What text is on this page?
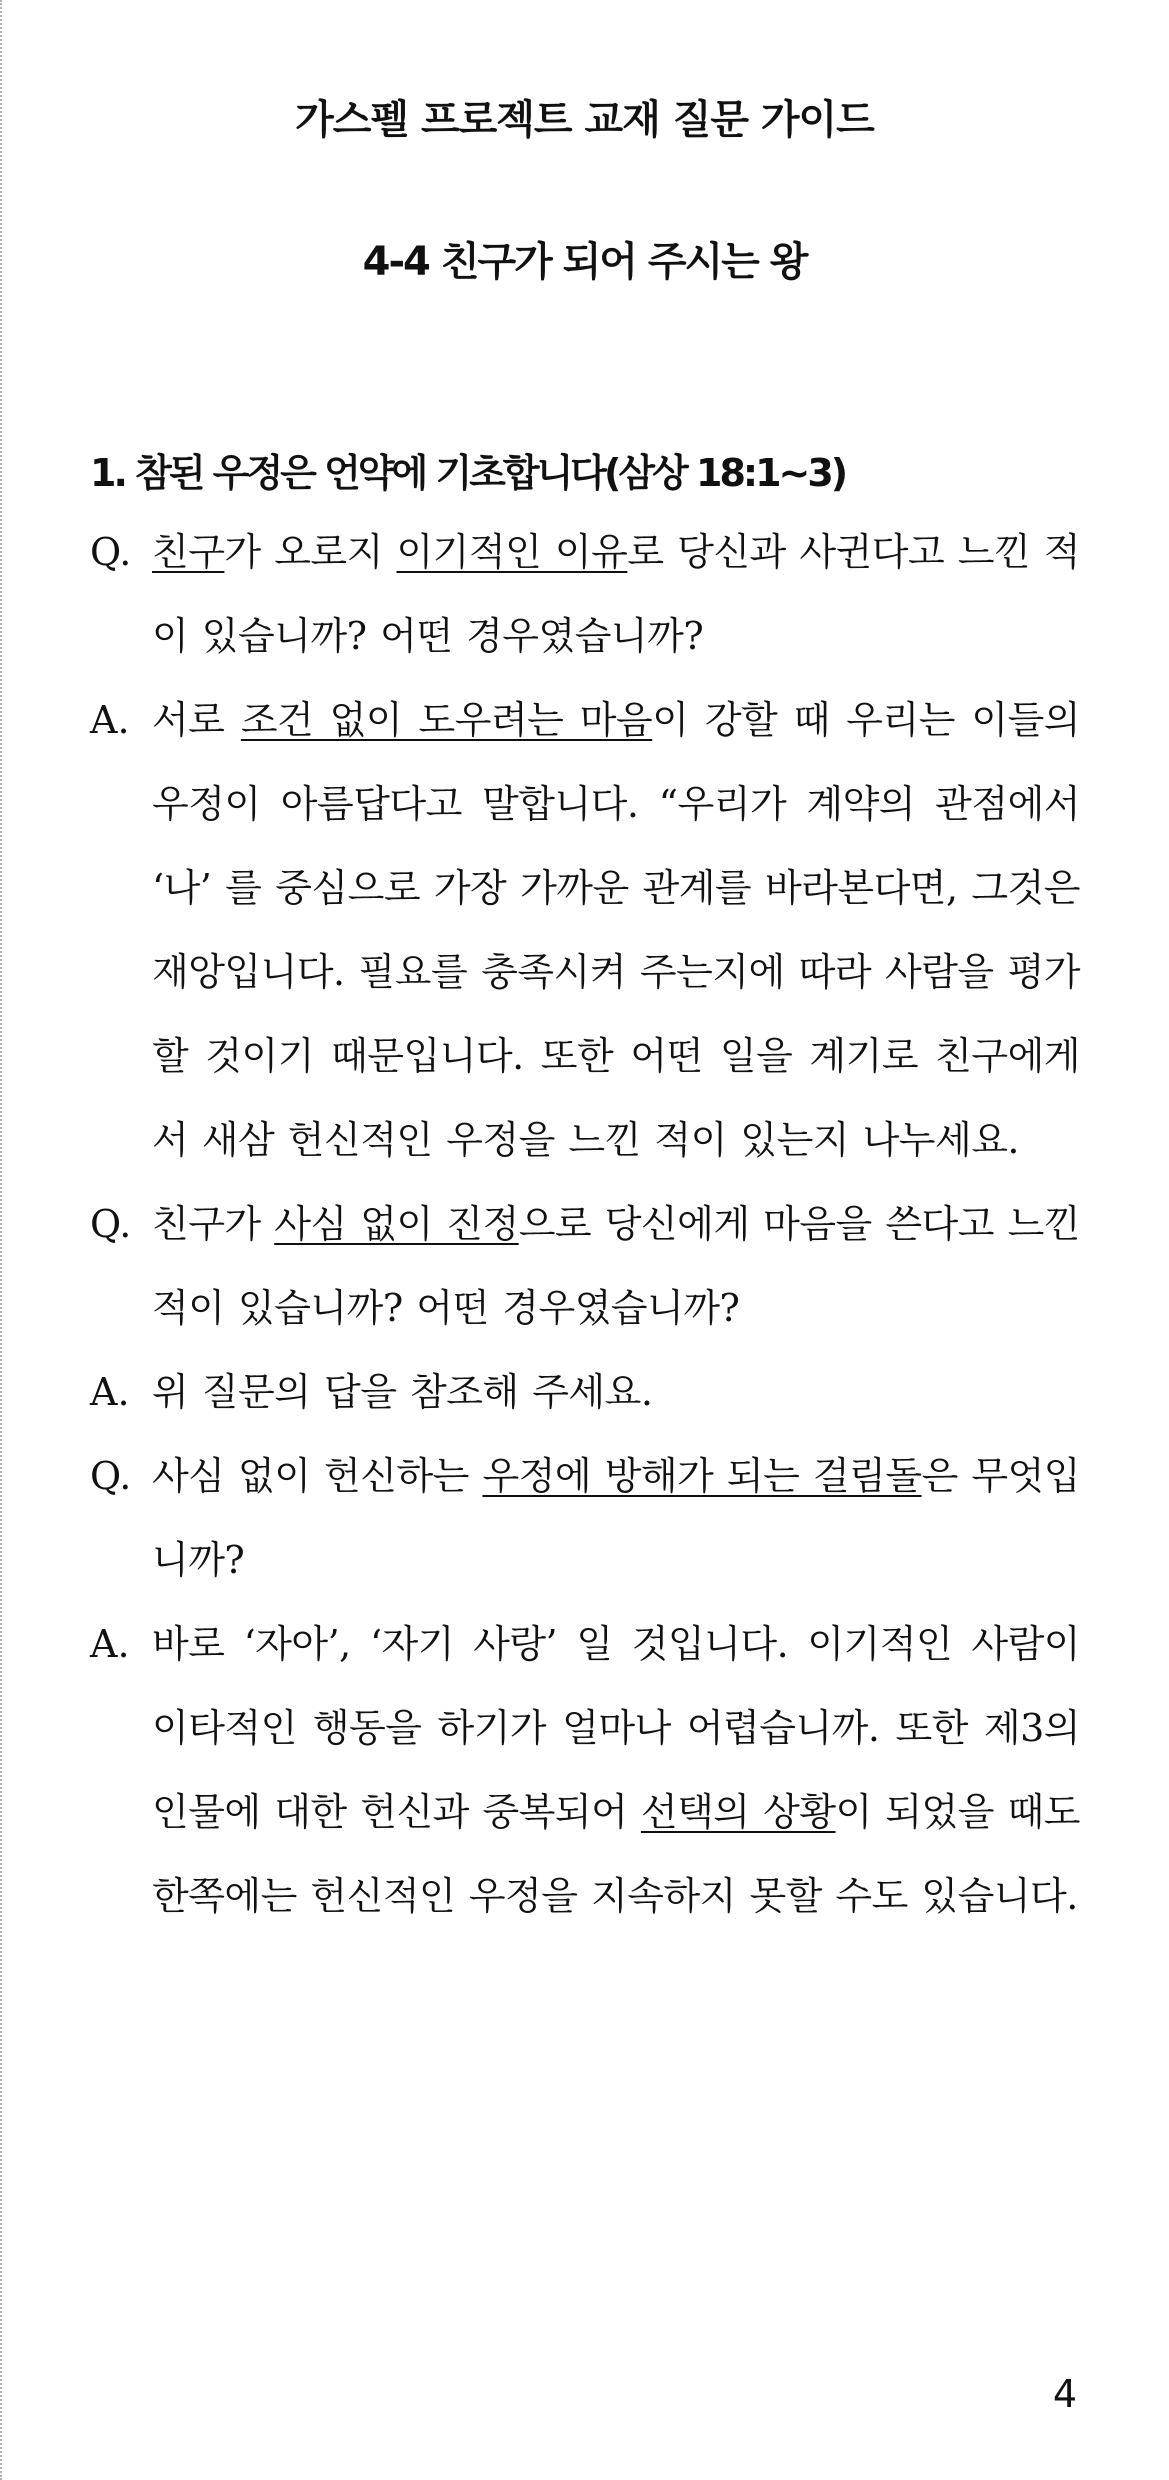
가스펠 프로젝트 교재 질문 가이드
4-4 친구가 되어 주시는 왕
1. 참된 우정은 언약에 기초합니다(삼상 18:1~3)
Q. 친구가 오로지 이기적인 이유로 당신과 사귄다고 느낀 적이 있습니까? 어떤 경우였습니까?
A. 서로 조건 없이 도우려는 마음이 강할 때 우리는 이들의 우정이 아름답다고 말합니다. “우리가 계약의 관점에서 ‘나’ 를 중심으로 가장 가까운 관계를 바라본다면, 그것은 재앙입니다. 필요를 충족시켜 주는지에 따라 사람을 평가할 것이기 때문입니다. 또한 어떤 일을 계기로 친구에게서 새삼 헌신적인 우정을 느낀 적이 있는지 나누세요.
Q. 친구가 사심 없이 진정으로 당신에게 마음을 쓴다고 느낀 적이 있습니까? 어떤 경우였습니까?
A. 위 질문의 답을 참조해 주세요.
Q. 사심 없이 헌신하는 우정에 방해가 되는 걸림돌은 무엇입니까?
A. 바로 ‘자아’, ‘자기 사랑’ 일 것입니다. 이기적인 사람이 이타적인 행동을 하기가 얼마나 어렵습니까. 또한 제3의 인물에 대한 헌신과 중복되어 선택의 상황이 되었을 때도 한쪽에는 헌신적인 우정을 지속하지 못할 수도 있습니다.
4
